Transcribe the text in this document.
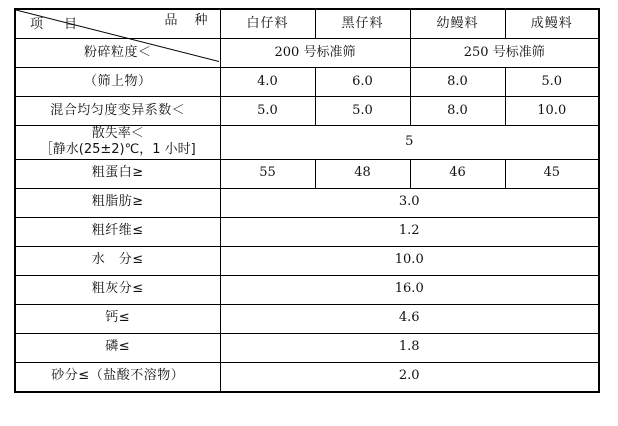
品　种
项　目	白仔料	黑仔料	幼鳗料	成鳗料
粉碎粒度＜	200 号标准筛		250 号标准筛	
（筛上物）	4.0	6.0	8.0	5.0
混合均匀度变异系数＜	5.0	5.0	8.0	10.0

散失率＜
［静水(25±2)℃，1 小时]	5			
粗蛋白≥	55	48	46	45
粗脂肪≥	3.0			
粗纤维≤	1.2			
水　分≤	10.0			
粗灰分≤	16.0			
钙≤	4.6			
磷≤	1.8			
砂分≤（盐酸不溶物）	2.0			
